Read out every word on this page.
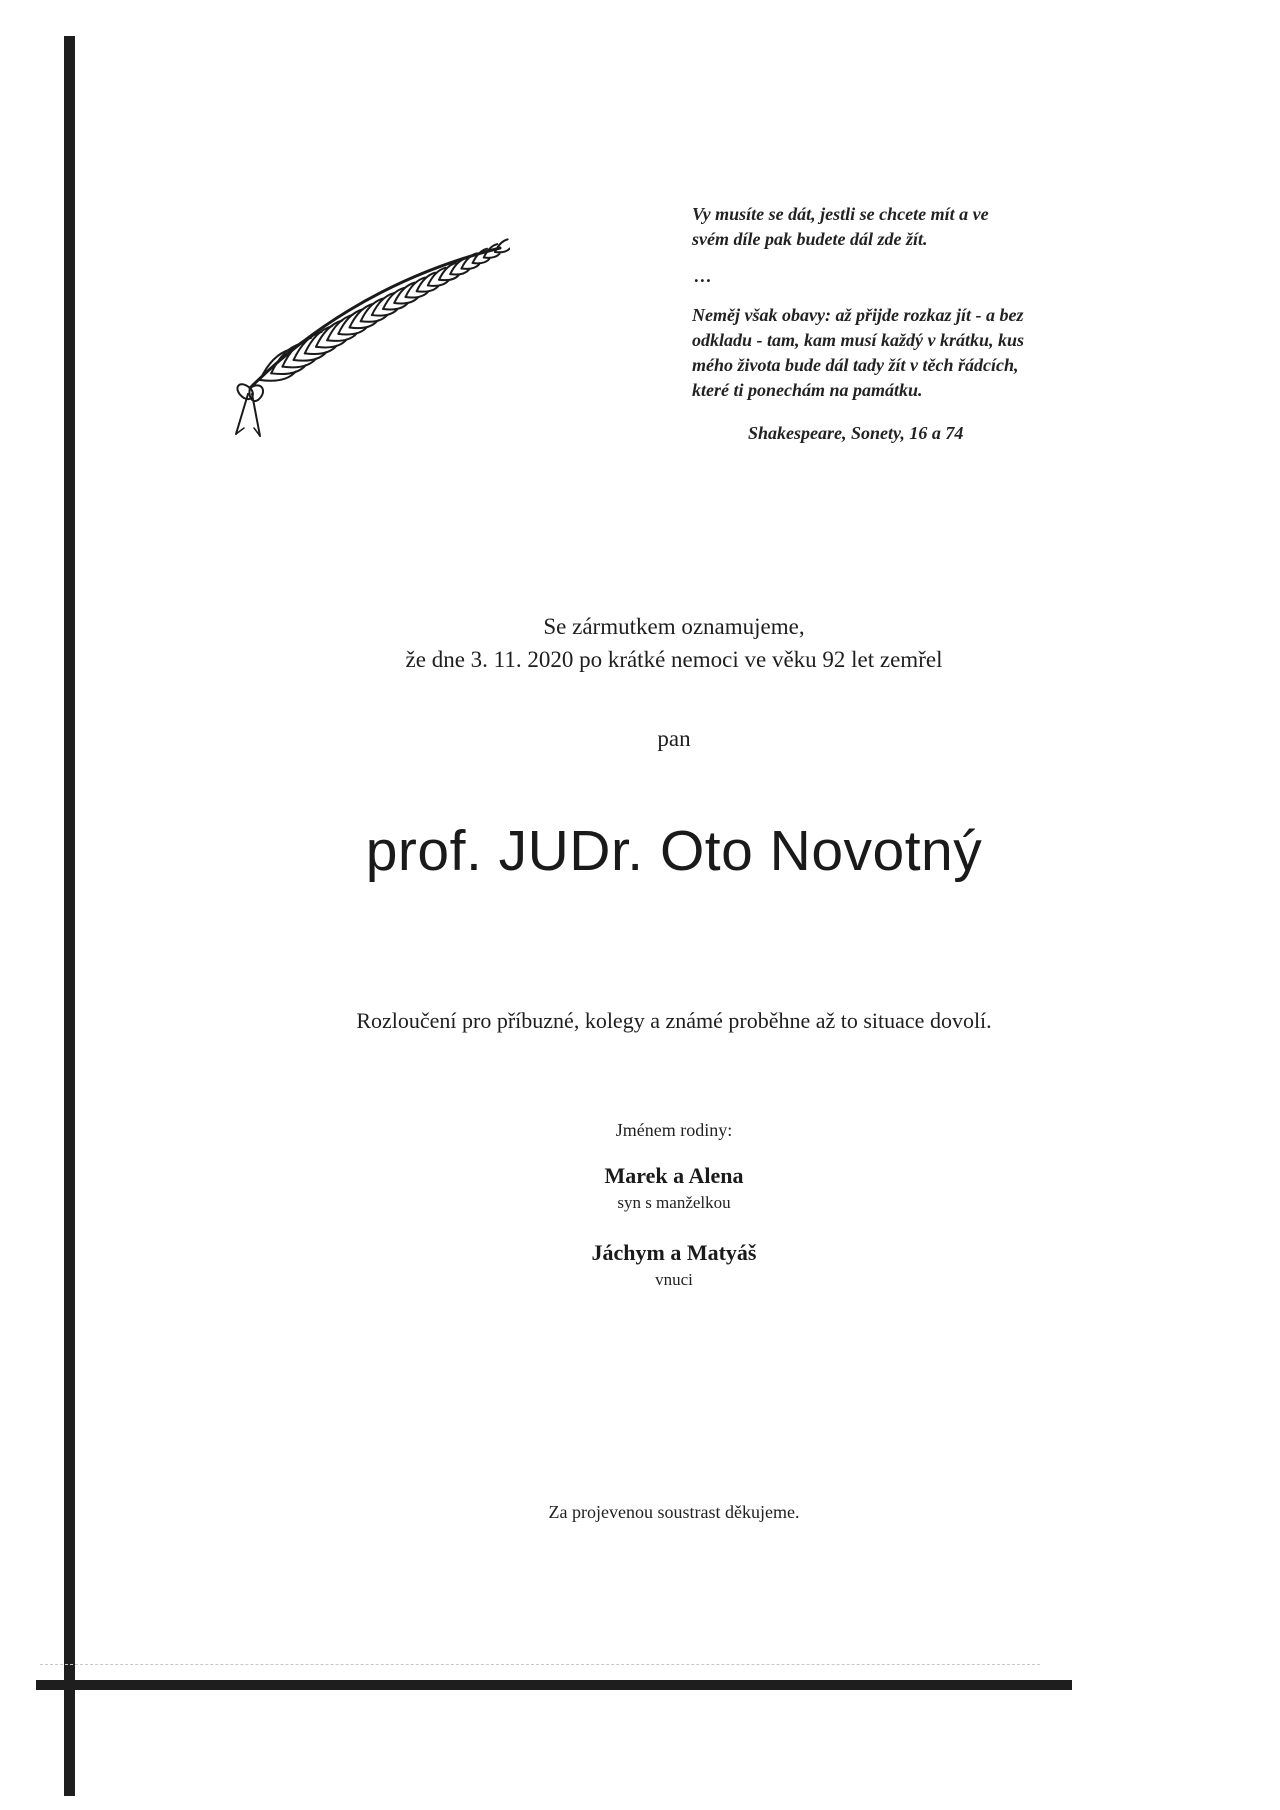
Vy musíte se dát, jestli se chcete mít a ve

svém díle pak budete dál zde žít.

…

Neměj však obavy: až přijde rozkaz jít - a bez

odkladu - tam, kam musí každý v krátku, kus

mého života bude dál tady žít v těch řádcích,

které ti ponechám na památku.

Shakespeare, Sonety, 16 a 74

Se zármutkem oznamujeme,
že dne 3. 11. 2020 po krátké nemoci ve věku 92 let zemřel
pan
prof. JUDr. Oto Novotný
Rozloučení pro příbuzné, kolegy a známé proběhne až to situace dovolí.
Jménem rodiny:
Marek a Alena
syn s manželkou
Jáchym a Matyáš
vnuci
Za projevenou soustrast děkujeme.
